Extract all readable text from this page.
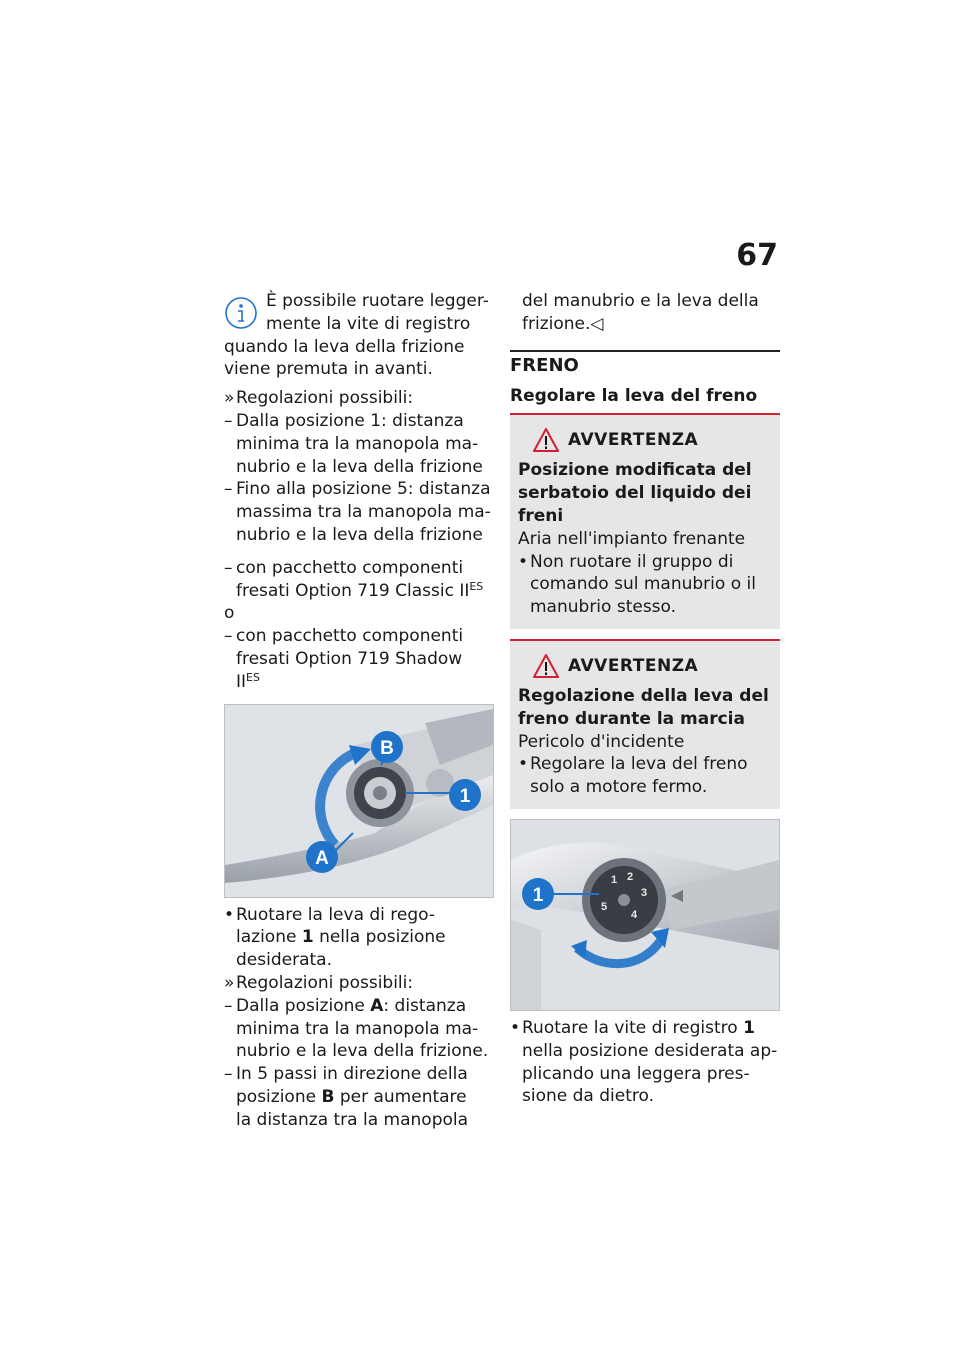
67

È possibile ruotare legger-

mente la vite di registro

quando la leva della frizione

viene premuta in avanti.

» Regolazioni possibili:
– Dalla posizione 1: distanza
minima tra la manopola ma-
nubrio e la leva della frizione
– Fino alla posizione 5: distanza
massima tra la manopola ma-
nubrio e la leva della frizione
– con pacchetto componenti
fresati Option 719 Classic $II^{ES}$

o

– con pacchetto componenti
fresati Option 719 Shadow
$II^{ES}$
1
B
A
• Ruotare la leva di rego-
lazione 1 nella posizione
desiderata.
» Regolazioni possibili:
– Dalla posizione A: distanza
minima tra la manopola ma-
nubrio e la leva della frizione.
– In 5 passi in direzione della
posizione B per aumentare
la distanza tra la manopola
del manubrio e la leva della
frizione.◁
FRENO
Regolare la leva del freno
AVVERTENZA

Posizione modificata del

serbatoio del liquido dei

freni

Aria nell'impianto frenante

• Non ruotare il gruppo di
comando sul manubrio o il
manubrio stesso.
AVVERTENZA

Regolazione della leva del

freno durante la marcia

Pericolo d'incidente

• Regolare la leva del freno
solo a motore fermo.
1 2
3
4
5
1
• Ruotare la vite di registro 1
nella posizione desiderata ap-
plicando una leggera pres-
sione da dietro.
